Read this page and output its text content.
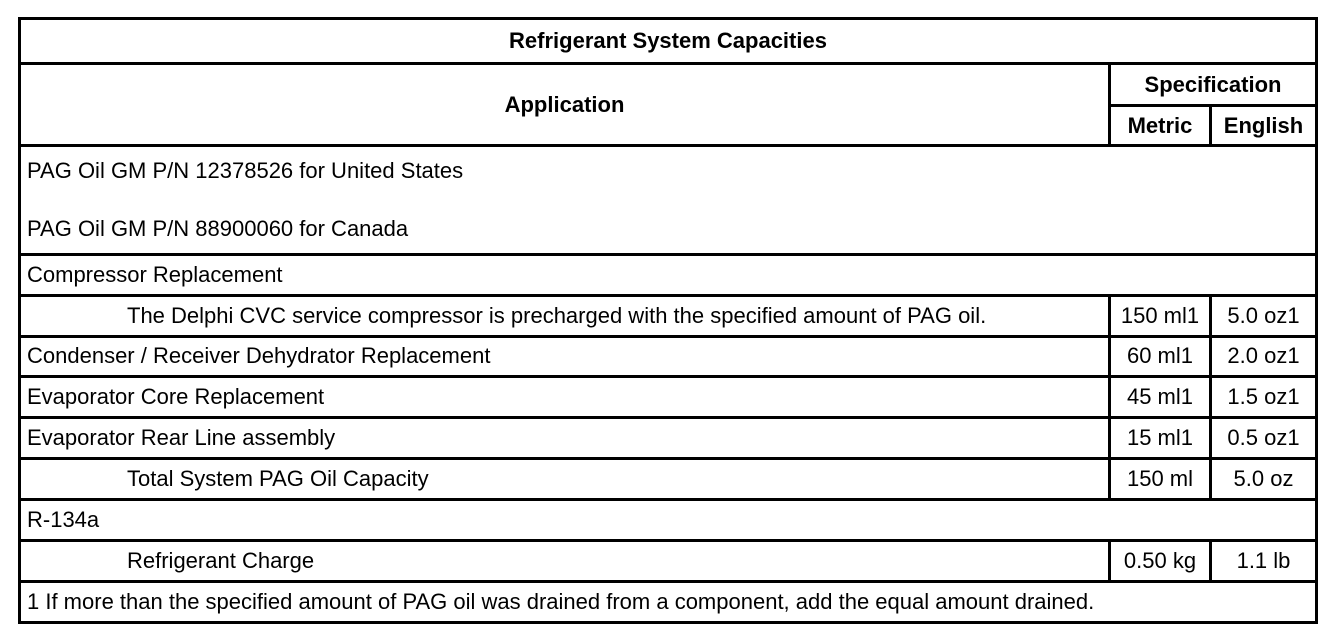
Refrigerant System Capacities		
Application	Specification	
	Metric	English

PAG Oil GM P/N 12378526 for United States
PAG Oil GM P/N 88900060 for Canada		

Compressor Replacement		
The Delphi CVC service compressor is precharged with the specified amount of PAG oil.	150 ml1	5.0 oz1
Condenser / Receiver Dehydrator Replacement	60 ml1	2.0 oz1
Evaporator Core Replacement	45 ml1	1.5 oz1
Evaporator Rear Line assembly	15 ml1	0.5 oz1
Total System PAG Oil Capacity	150 ml	5.0 oz
R-134a		
Refrigerant Charge	0.50 kg	1.1 lb
1 If more than the specified amount of PAG oil was drained from a component, add the equal amount drained.		
